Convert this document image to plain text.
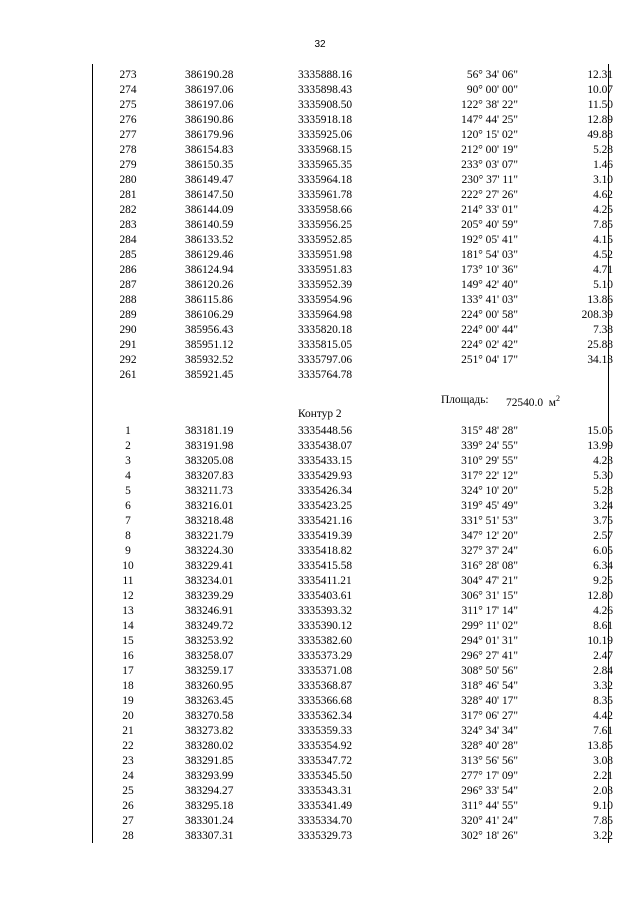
32
273	386190.28	3335888.16	56° 34' 06"	12.31
274	386197.06	3335898.43	90° 00' 00"	10.07
275	386197.06	3335908.50	122° 38' 22"	11.50
276	386190.86	3335918.18	147° 44' 25"	12.89
277	386179.96	3335925.06	120° 15' 02"	49.88
278	386154.83	3335968.15	212° 00' 19"	5.28
279	386150.35	3335965.35	233° 03' 07"	1.46
280	386149.47	3335964.18	230° 37' 11"	3.10
281	386147.50	3335961.78	222° 27' 26"	4.62
282	386144.09	3335958.66	214° 33' 01"	4.25
283	386140.59	3335956.25	205° 40' 59"	7.85
284	386133.52	3335952.85	192° 05' 41"	4.15
285	386129.46	3335951.98	181° 54' 03"	4.52
286	386124.94	3335951.83	173° 10' 36"	4.71
287	386120.26	3335952.39	149° 42' 40"	5.10
288	386115.86	3335954.96	133° 41' 03"	13.86
289	386106.29	3335964.98	224° 00' 58"	208.39
290	385956.43	3335820.18	224° 00' 44"	7.38
291	385951.12	3335815.05	224° 02' 42"	25.88
292	385932.52	3335797.06	251° 04' 17"	34.13
261	385921.45	3335764.78
Площадь: 72540.0 $м^2$
Контур 2
1	383181.19	3335448.56	315° 48' 28"	15.05
2	383191.98	3335438.07	339° 24' 55"	13.99
3	383205.08	3335433.15	310° 29' 55"	4.23
4	383207.83	3335429.93	317° 22' 12"	5.30
5	383211.73	3335426.34	324° 10' 20"	5.28
6	383216.01	3335423.25	319° 45' 49"	3.24
7	383218.48	3335421.16	331° 51' 53"	3.75
8	383221.79	3335419.39	347° 12' 20"	2.57
9	383224.30	3335418.82	327° 37' 24"	6.05
10	383229.41	3335415.58	316° 28' 08"	6.34
11	383234.01	3335411.21	304° 47' 21"	9.25
12	383239.29	3335403.61	306° 31' 15"	12.80
13	383246.91	3335393.32	311° 17' 14"	4.26
14	383249.72	3335390.12	299° 11' 02"	8.61
15	383253.92	3335382.60	294° 01' 31"	10.19
16	383258.07	3335373.29	296° 27' 41"	2.47
17	383259.17	3335371.08	308° 50' 56"	2.84
18	383260.95	3335368.87	318° 46' 54"	3.32
19	383263.45	3335366.68	328° 40' 17"	8.35
20	383270.58	3335362.34	317° 06' 27"	4.42
21	383273.82	3335359.33	324° 34' 34"	7.61
22	383280.02	3335354.92	328° 40' 28"	13.85
23	383291.85	3335347.72	313° 56' 56"	3.08
24	383293.99	3335345.50	277° 17' 09"	2.21
25	383294.27	3335343.31	296° 33' 54"	2.03
26	383295.18	3335341.49	311° 44' 55"	9.10
27	383301.24	3335334.70	320° 41' 24"	7.85
28	383307.31	3335329.73	302° 18' 26"	3.22
